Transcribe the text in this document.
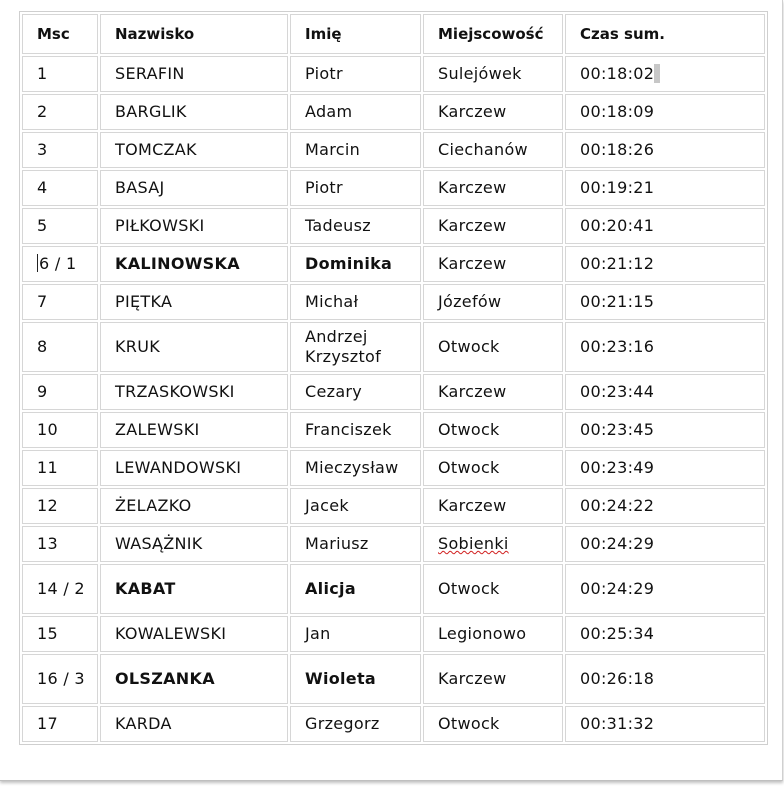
Msc	Nazwisko	Imię	Miejscowość	Czas sum.
1	SERAFIN	Piotr	Sulejówek	00:18:02
2	BARGLIK	Adam	Karczew	00:18:09
3	TOMCZAK	Marcin	Ciechanów	00:18:26
4	BASAJ	Piotr	Karczew	00:19:21
5	PIŁKOWSKI	Tadeusz	Karczew	00:20:41
6 / 1	KALINOWSKA	Dominika	Karczew	00:21:12
7	PIĘTKA	Michał	Józefów	00:21:15
8	KRUK	Andrzej Krzysztof	Otwock	00:23:16
9	TRZASKOWSKI	Cezary	Karczew	00:23:44
10	ZALEWSKI	Franciszek	Otwock	00:23:45
11	LEWANDOWSKI	Mieczysław	Otwock	00:23:49
12	ŻELAZKO	Jacek	Karczew	00:24:22
13	WASĄŻNIK	Mariusz	Sobienki	00:24:29
14 / 2	KABAT	Alicja	Otwock	00:24:29
15	KOWALEWSKI	Jan	Legionowo	00:25:34
16 / 3	OLSZANKA	Wioleta	Karczew	00:26:18
17	KARDA	Grzegorz	Otwock	00:31:32
